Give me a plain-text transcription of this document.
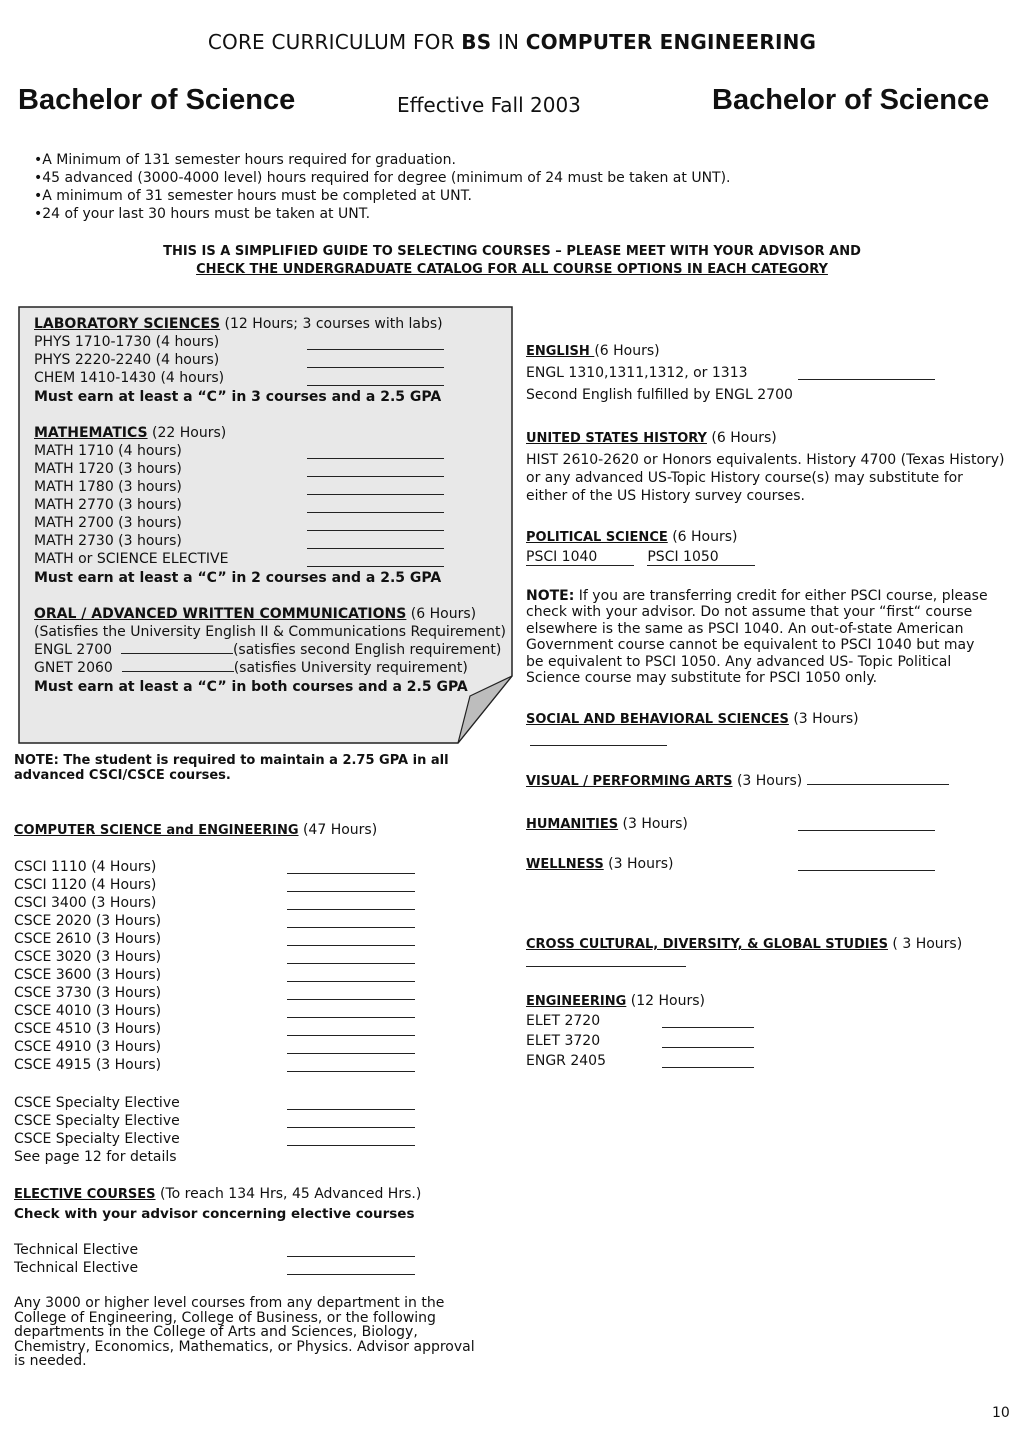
CORE CURRICULUM FOR BS IN COMPUTER ENGINEERING
Bachelor of Science	Effective Fall 2003	Bachelor of Science
•A Minimum of 131 semester hours required for graduation.
•45 advanced (3000-4000 level) hours required for degree (minimum of 24 must be taken at UNT).
•A minimum of 31 semester hours must be completed at UNT.
•24 of your last 30 hours must be taken at UNT.
THIS IS A SIMPLIFIED GUIDE TO SELECTING COURSES – PLEASE MEET WITH YOUR ADVISOR AND
CHECK THE UNDERGRADUATE CATALOG FOR ALL COURSE OPTIONS IN EACH CATEGORY
LABORATORY SCIENCES (12 Hours; 3 courses with labs)
PHYS 1710-1730 (4 hours)
PHYS 2220-2240 (4 hours)
CHEM 1410-1430 (4 hours)
Must earn at least a “C” in 3 courses and a 2.5 GPA
MATHEMATICS (22 Hours)
MATH 1710 (4 hours)
MATH 1720 (3 hours)
MATH 1780 (3 hours)
MATH 2770 (3 hours)
MATH 2700 (3 hours)
MATH 2730 (3 hours)
MATH or SCIENCE ELECTIVE
Must earn at least a “C” in 2 courses and a 2.5 GPA
ORAL / ADVANCED WRITTEN COMMUNICATIONS (6 Hours)
(Satisfies the University English II & Communications Requirement)
ENGL 2700	(satisfies second English requirement)
GNET 2060	(satisfies University requirement)
Must earn at least a “C” in both courses and a 2.5 GPA
NOTE: The student is required to maintain a 2.75 GPA in all
advanced CSCI/CSCE courses.
COMPUTER SCIENCE and ENGINEERING (47 Hours)
CSCI 1110 (4 Hours)
CSCI 1120 (4 Hours)
CSCI 3400 (3 Hours)
CSCE 2020 (3 Hours)
CSCE 2610 (3 Hours)
CSCE 3020 (3 Hours)
CSCE 3600 (3 Hours)
CSCE 3730 (3 Hours)
CSCE 4010 (3 Hours)
CSCE 4510 (3 Hours)
CSCE 4910 (3 Hours)
CSCE 4915 (3 Hours)
CSCE Specialty Elective
CSCE Specialty Elective
CSCE Specialty Elective
See page 12 for details
ELECTIVE COURSES (To reach 134 Hrs, 45 Advanced Hrs.)
Check with your advisor concerning elective courses
Technical Elective
Technical Elective
Any 3000 or higher level courses from any department in the
College of Engineering, College of Business, or the following
departments in the College of Arts and Sciences, Biology,
Chemistry, Economics, Mathematics, or Physics. Advisor approval
is needed.
ENGLISH (6 Hours)
ENGL 1310,1311,1312, or 1313
Second English fulfilled by ENGL 2700
UNITED STATES HISTORY (6 Hours)
HIST 2610-2620 or Honors equivalents. History 4700 (Texas History)
or any advanced US-Topic History course(s) may substitute for
either of the US History survey courses.
POLITICAL SCIENCE (6 Hours)
PSCI 1040	PSCI 1050
NOTE: If you are transferring credit for either PSCI course, please
check with your advisor. Do not assume that your “first“ course
elsewhere is the same as PSCI 1040. An out-of-state American
Government course cannot be equivalent to PSCI 1040 but may
be equivalent to PSCI 1050. Any advanced US- Topic Political
Science course may substitute for PSCI 1050 only.
SOCIAL AND BEHAVIORAL SCIENCES (3 Hours)
VISUAL / PERFORMING ARTS (3 Hours)
HUMANITIES (3 Hours)
WELLNESS (3 Hours)
CROSS CULTURAL, DIVERSITY, & GLOBAL STUDIES ( 3 Hours)
ENGINEERING (12 Hours)
ELET 2720
ELET 3720
ENGR 2405
10
